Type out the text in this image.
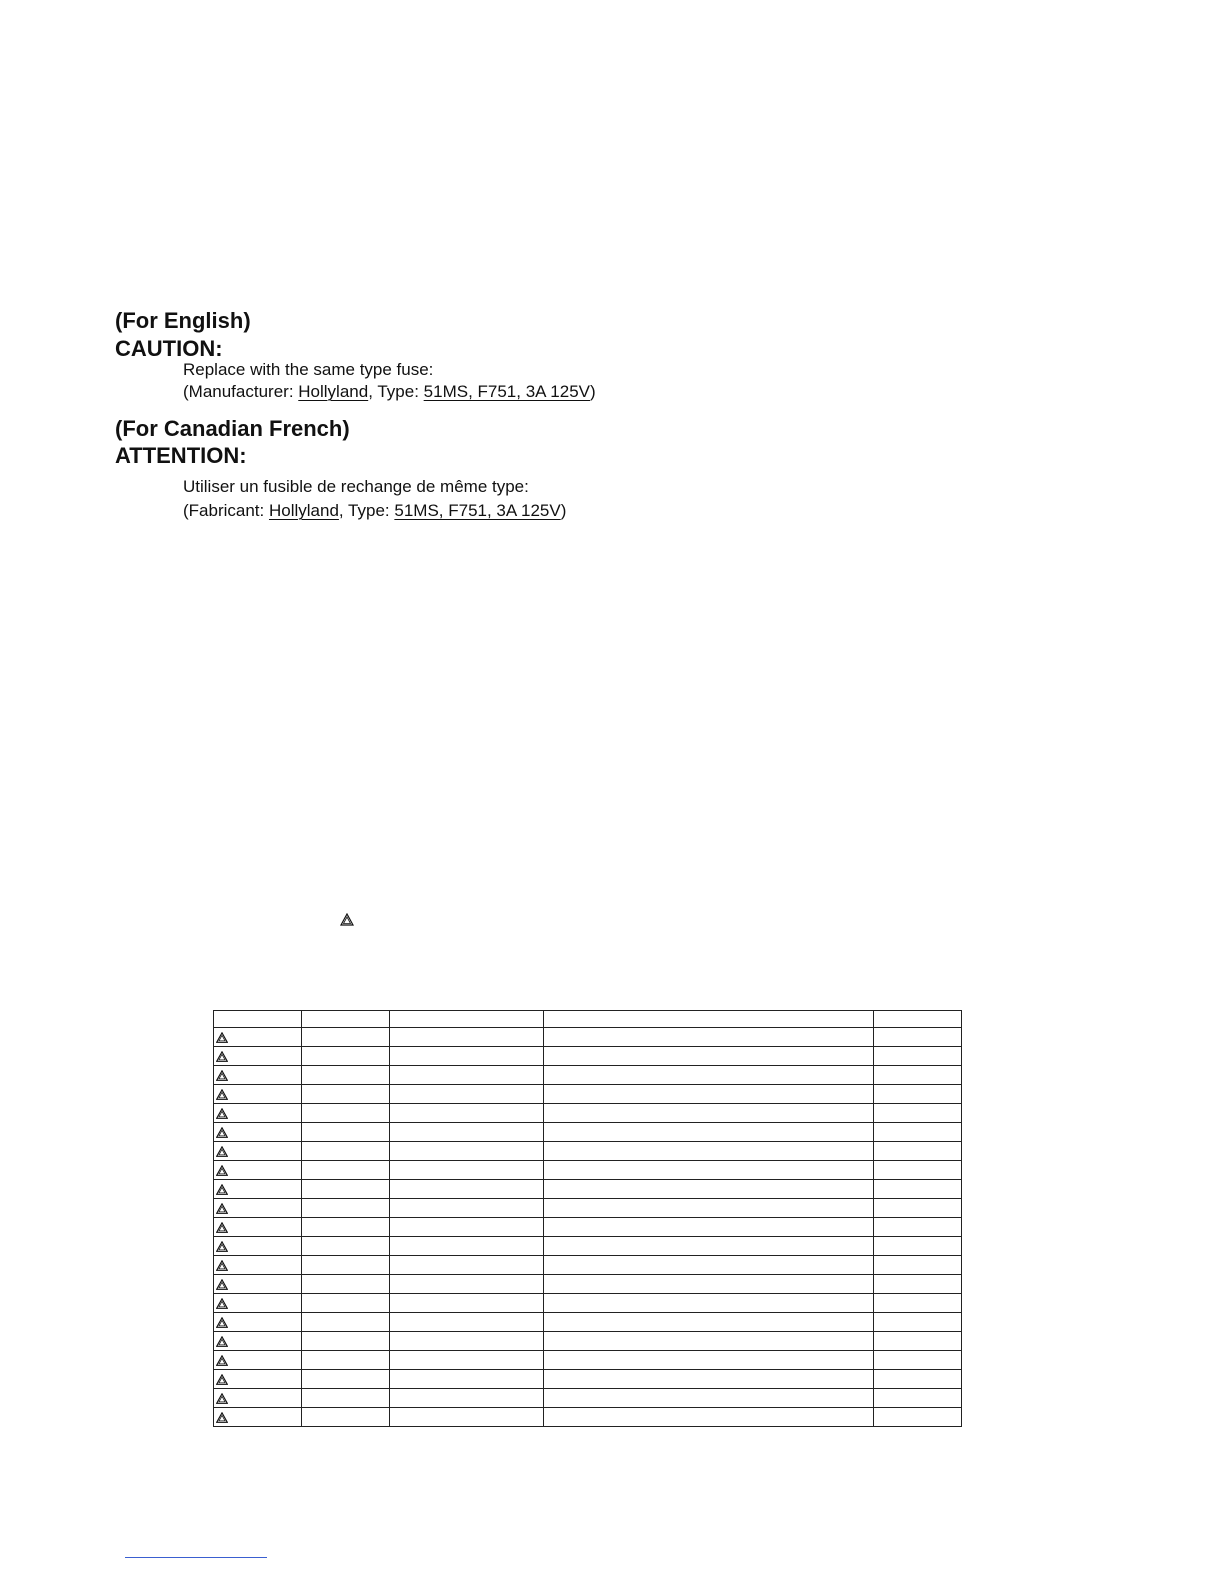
(For English)
CAUTION:
Replace with the same type fuse:
(Manufacturer: Hollyland, Type: 51MS, F751, 3A 125V)
(For Canadian French)
ATTENTION:
Utiliser un fusible de rechange de même type:
(Fabricant: Hollyland, Type: 51MS, F751, 3A 125V)
